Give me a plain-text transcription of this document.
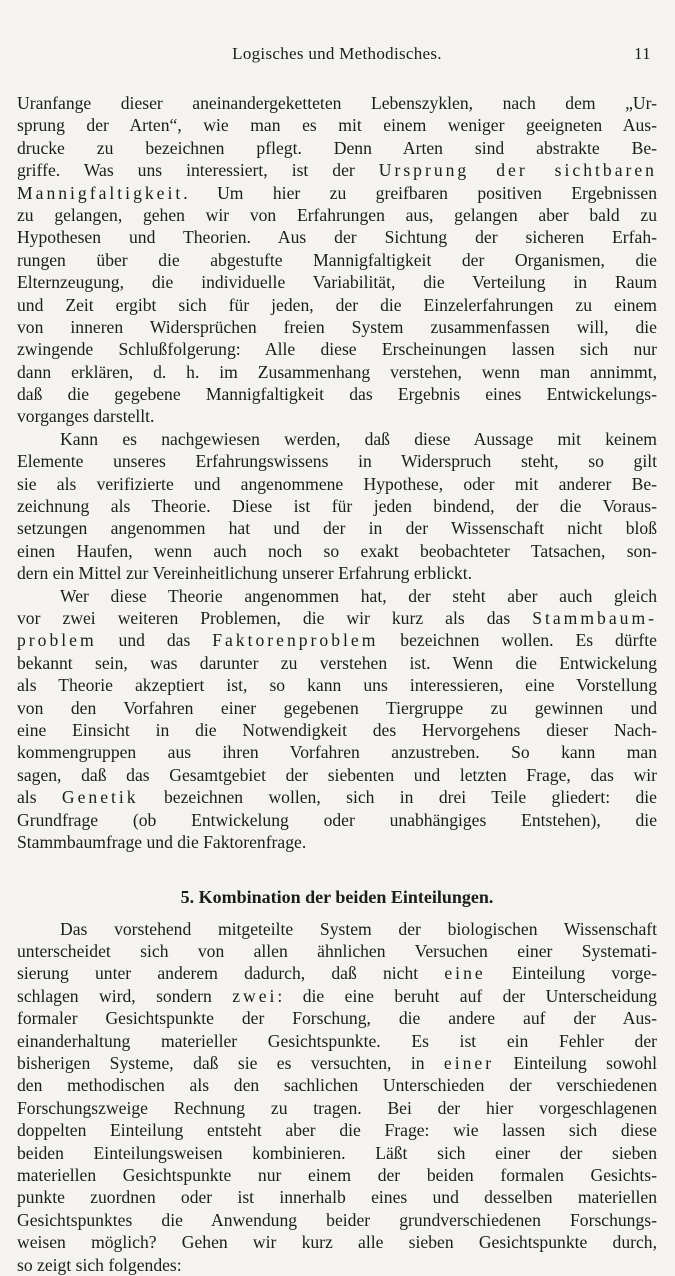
Logisches und Methodisches.	11
Uranfange dieser aneinandergeketteten Lebenszyklen, nach dem „Ur-
sprung der Arten“, wie man es mit einem weniger geeigneten Aus-
drucke zu bezeichnen pflegt. Denn Arten sind abstrakte Be-
griffe. Was uns interessiert, ist der Ursprung der sichtbaren
Mannigfaltigkeit. Um hier zu greifbaren positiven Ergebnissen
zu gelangen, gehen wir von Erfahrungen aus, gelangen aber bald zu
Hypothesen und Theorien. Aus der Sichtung der sicheren Erfah-
rungen über die abgestufte Mannigfaltigkeit der Organismen, die
Elternzeugung, die individuelle Variabilität, die Verteilung in Raum
und Zeit ergibt sich für jeden, der die Einzelerfahrungen zu einem
von inneren Widersprüchen freien System zusammenfassen will, die
zwingende Schlußfolgerung: Alle diese Erscheinungen lassen sich nur
dann erklären, d. h. im Zusammenhang verstehen, wenn man annimmt,
daß die gegebene Mannigfaltigkeit das Ergebnis eines Entwickelungs-
vorganges darstellt.
Kann es nachgewiesen werden, daß diese Aussage mit keinem
Elemente unseres Erfahrungswissens in Widerspruch steht, so gilt
sie als verifizierte und angenommene Hypothese, oder mit anderer Be-
zeichnung als Theorie. Diese ist für jeden bindend, der die Voraus-
setzungen angenommen hat und der in der Wissenschaft nicht bloß
einen Haufen, wenn auch noch so exakt beobachteter Tatsachen, son-
dern ein Mittel zur Vereinheitlichung unserer Erfahrung erblickt.
Wer diese Theorie angenommen hat, der steht aber auch gleich
vor zwei weiteren Problemen, die wir kurz als das Stammbaum-
problem und das Faktorenproblem bezeichnen wollen. Es dürfte
bekannt sein, was darunter zu verstehen ist. Wenn die Entwickelung
als Theorie akzeptiert ist, so kann uns interessieren, eine Vorstellung
von den Vorfahren einer gegebenen Tiergruppe zu gewinnen und
eine Einsicht in die Notwendigkeit des Hervorgehens dieser Nach-
kommengruppen aus ihren Vorfahren anzustreben. So kann man
sagen, daß das Gesamtgebiet der siebenten und letzten Frage, das wir
als Genetik bezeichnen wollen, sich in drei Teile gliedert: die
Grundfrage (ob Entwickelung oder unabhängiges Entstehen), die
Stammbaumfrage und die Faktorenfrage.
5. Kombination der beiden Einteilungen.
Das vorstehend mitgeteilte System der biologischen Wissenschaft
unterscheidet sich von allen ähnlichen Versuchen einer Systemati-
sierung unter anderem dadurch, daß nicht eine Einteilung vorge-
schlagen wird, sondern zwei: die eine beruht auf der Unterscheidung
formaler Gesichtspunkte der Forschung, die andere auf der Aus-
einanderhaltung materieller Gesichtspunkte. Es ist ein Fehler der
bisherigen Systeme, daß sie es versuchten, in einer Einteilung sowohl
den methodischen als den sachlichen Unterschieden der verschiedenen
Forschungszweige Rechnung zu tragen. Bei der hier vorgeschlagenen
doppelten Einteilung entsteht aber die Frage: wie lassen sich diese
beiden Einteilungsweisen kombinieren. Läßt sich einer der sieben
materiellen Gesichtspunkte nur einem der beiden formalen Gesichts-
punkte zuordnen oder ist innerhalb eines und desselben materiellen
Gesichtspunktes die Anwendung beider grundverschiedenen Forschungs-
weisen möglich? Gehen wir kurz alle sieben Gesichtspunkte durch,
so zeigt sich folgendes:
